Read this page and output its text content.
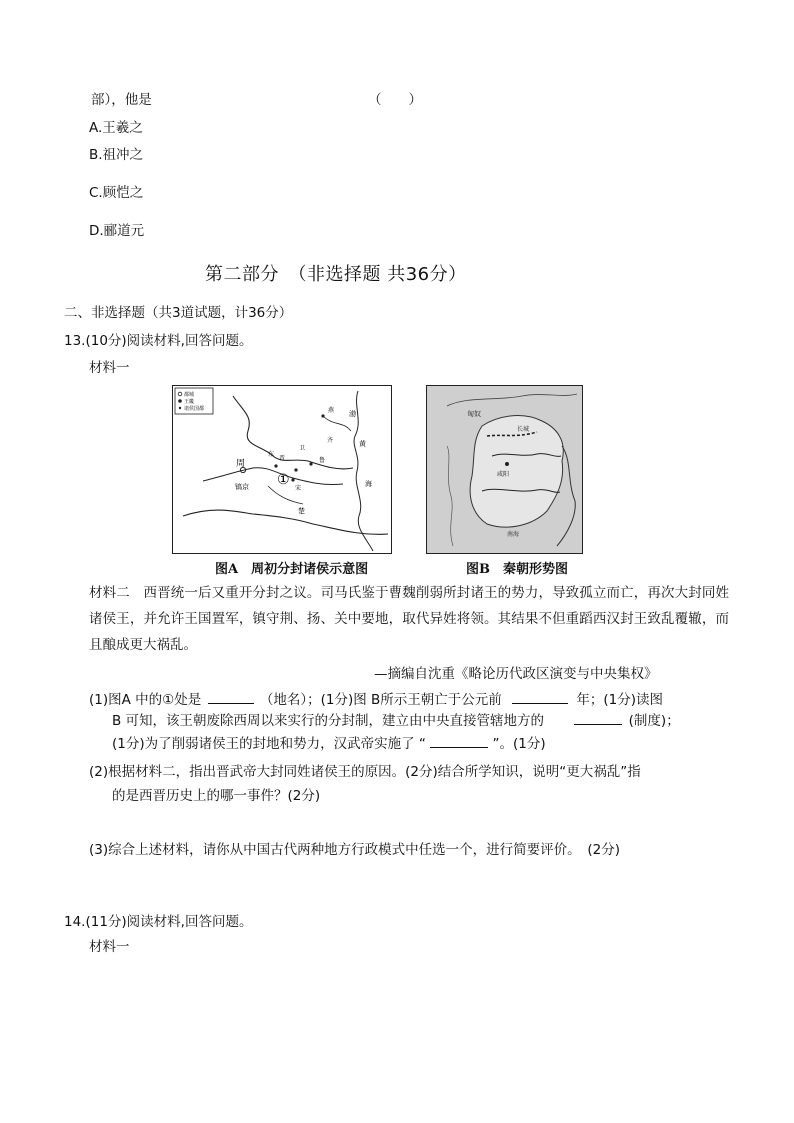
部），他是	（　　）
A.王羲之
B.祖冲之
C.顾恺之
D.郦道元
第二部分　（非选择题 共36分）
二、非选择题（共3道试题，计36分）
13.(10分)阅读材料,回答问题。
材料一
都城
王畿
诸侯国都
①
周
镐京
晋
宋
卫
齐
鲁
燕
东
楚
黄
渤
海
匈奴
咸阳
长城
南海
图A　周初分封诸侯示意图	图B　秦朝形势图
材料二　西晋统一后又重开分封之议。司马氏鉴于曹魏削弱所封诸王的势力，导致孤立而亡，再次大封同姓诸侯王，并允许王国置军，镇守荆、扬、关中要地，取代异姓将领。其结果不但重蹈西汉封王致乱覆辙，而且酿成更大祸乱。
—摘编自沈重《略论历代政区演变与中央集权》
(1)图A 中的①处是	（地名）；(1分)图 B所示王朝亡于公元前	年；(1分)读图
B 可知，该王朝废除西周以来实行的分封制，建立由中央直接管辖地方的	(制度)；
(1分)为了削弱诸侯王的封地和势力，汉武帝实施了 “	”。(1分)
(2)根据材料二，指出晋武帝大封同姓诸侯王的原因。(2分)结合所学知识，说明“更大祸乱”指
的是西晋历史上的哪一事件？(2分)
(3)综合上述材料，请你从中国古代两种地方行政模式中任选一个，进行简要评价。　(2分)
14.(11分)阅读材料,回答问题。
材料一
